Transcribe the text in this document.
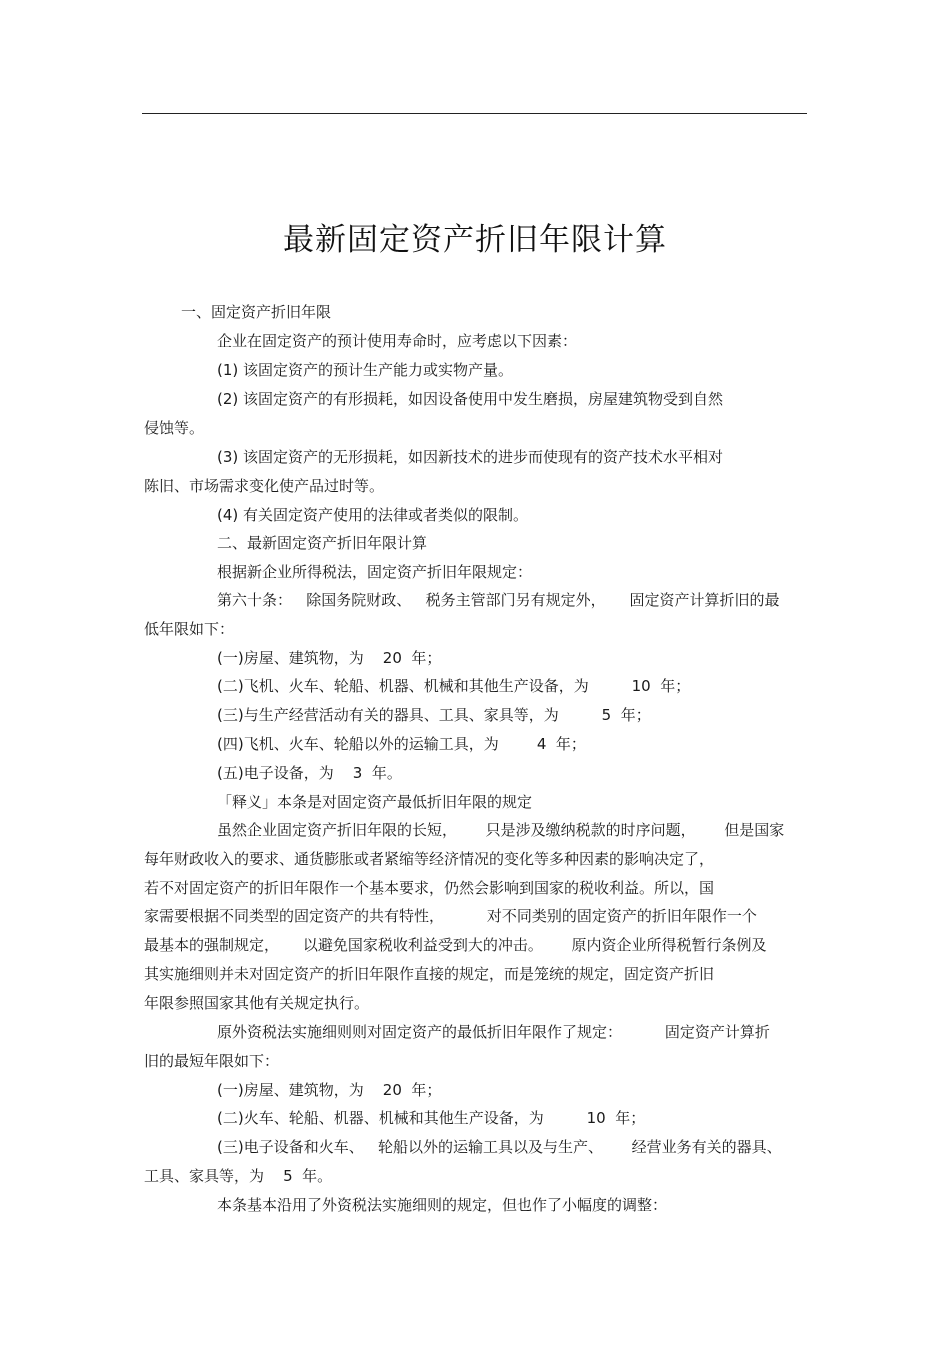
最新固定资产折旧年限计算
一、固定资产折旧年限
企业在固定资产的预计使用寿命时，应考虑以下因素：
(1) 该固定资产的预计生产能力或实物产量。
(2) 该固定资产的有形损耗，如因设备使用中发生磨损，房屋建筑物受到自然
侵蚀等。
(3) 该固定资产的无形损耗，如因新技术的进步而使现有的资产技术水平相对
陈旧、市场需求变化使产品过时等。
(4) 有关固定资产使用的法律或者类似的限制。
二、最新固定资产折旧年限计算
根据新企业所得税法，固定资产折旧年限规定：
第六十条：   除国务院财政、   税务主管部门另有规定外，     固定资产计算折旧的最
低年限如下：
(一)房屋、建筑物，为    20  年；
(二)飞机、火车、轮船、机器、机械和其他生产设备，为         10  年；
(三)与生产经营活动有关的器具、工具、家具等，为         5  年；
(四)飞机、火车、轮船以外的运输工具，为        4  年；
(五)电子设备，为    3  年。
「释义」本条是对固定资产最低折旧年限的规定
虽然企业固定资产折旧年限的长短，      只是涉及缴纳税款的时序问题，      但是国家
每年财政收入的要求、通货膨胀或者紧缩等经济情况的变化等多种因素的影响决定了，
若不对固定资产的折旧年限作一个基本要求，仍然会影响到国家的税收利益。所以，国
家需要根据不同类型的固定资产的共有特性，         对不同类别的固定资产的折旧年限作一个
最基本的强制规定，     以避免国家税收利益受到大的冲击。      原内资企业所得税暂行条例及
其实施细则并未对固定资产的折旧年限作直接的规定，而是笼统的规定，固定资产折旧
年限参照国家其他有关规定执行。
原外资税法实施细则则对固定资产的最低折旧年限作了规定：         固定资产计算折
旧的最短年限如下：
(一)房屋、建筑物，为    20  年；
(二)火车、轮船、机器、机械和其他生产设备，为         10  年；
(三)电子设备和火车、   轮船以外的运输工具以及与生产、      经营业务有关的器具、
工具、家具等，为    5  年。
本条基本沿用了外资税法实施细则的规定，但也作了小幅度的调整：
